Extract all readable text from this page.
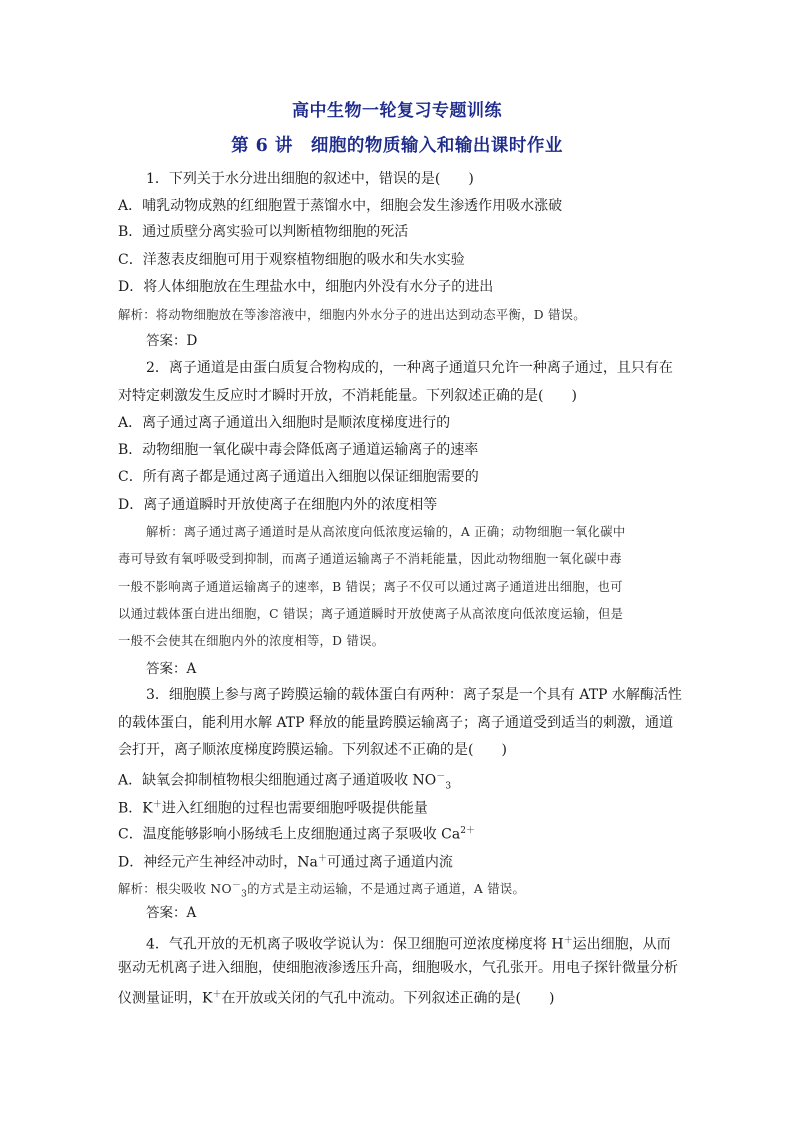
高中生物一轮复习专题训练
第 6 讲　细胞的物质输入和输出课时作业
1．下列关于水分进出细胞的叙述中，错误的是(　　)
A．哺乳动物成熟的红细胞置于蒸馏水中，细胞会发生渗透作用吸水涨破
B．通过质壁分离实验可以判断植物细胞的死活
C．洋葱表皮细胞可用于观察植物细胞的吸水和失水实验
D．将人体细胞放在生理盐水中，细胞内外没有水分子的进出
解析：将动物细胞放在等渗溶液中，细胞内外水分子的进出达到动态平衡，D 错误。
答案：D
2．离子通道是由蛋白质复合物构成的，一种离子通道只允许一种离子通过，且只有在
对特定刺激发生反应时才瞬时开放，不消耗能量。下列叙述正确的是(　　)
A．离子通过离子通道出入细胞时是顺浓度梯度进行的
B．动物细胞一氧化碳中毒会降低离子通道运输离子的速率
C．所有离子都是通过离子通道出入细胞以保证细胞需要的
D．离子通道瞬时开放使离子在细胞内外的浓度相等
解析：离子通过离子通道时是从高浓度向低浓度运输的，A 正确；动物细胞一氧化碳中
毒可导致有氧呼吸受到抑制，而离子通道运输离子不消耗能量，因此动物细胞一氧化碳中毒
一般不影响离子通道运输离子的速率，B 错误；离子不仅可以通过离子通道进出细胞，也可
以通过载体蛋白进出细胞，C 错误；离子通道瞬时开放使离子从高浓度向低浓度运输，但是
一般不会使其在细胞内外的浓度相等，D 错误。
答案：A
3．细胞膜上参与离子跨膜运输的载体蛋白有两种：离子泵是一个具有 ATP 水解酶活性
的载体蛋白，能利用水解 ATP 释放的能量跨膜运输离子；离子通道受到适当的刺激，通道
会打开，离子顺浓度梯度跨膜运输。下列叙述不正确的是(　　)
A．缺氧会抑制植物根尖细胞通过离子通道吸收 $NO^-_3$
B．K＋进入红细胞的过程也需要细胞呼吸提供能量
C．温度能够影响小肠绒毛上皮细胞通过离子泵吸收 $Ca^{2+}$
D．神经元产生神经冲动时，Na＋可通过离子通道内流
解析：根尖吸收 $NO^-_3$的方式是主动运输，不是通过离子通道，A 错误。
答案：A
4．气孔开放的无机离子吸收学说认为：保卫细胞可逆浓度梯度将 H＋运出细胞，从而
驱动无机离子进入细胞，使细胞液渗透压升高，细胞吸水，气孔张开。用电子探针微量分析
仪测量证明，K＋在开放或关闭的气孔中流动。下列叙述正确的是(　　)
